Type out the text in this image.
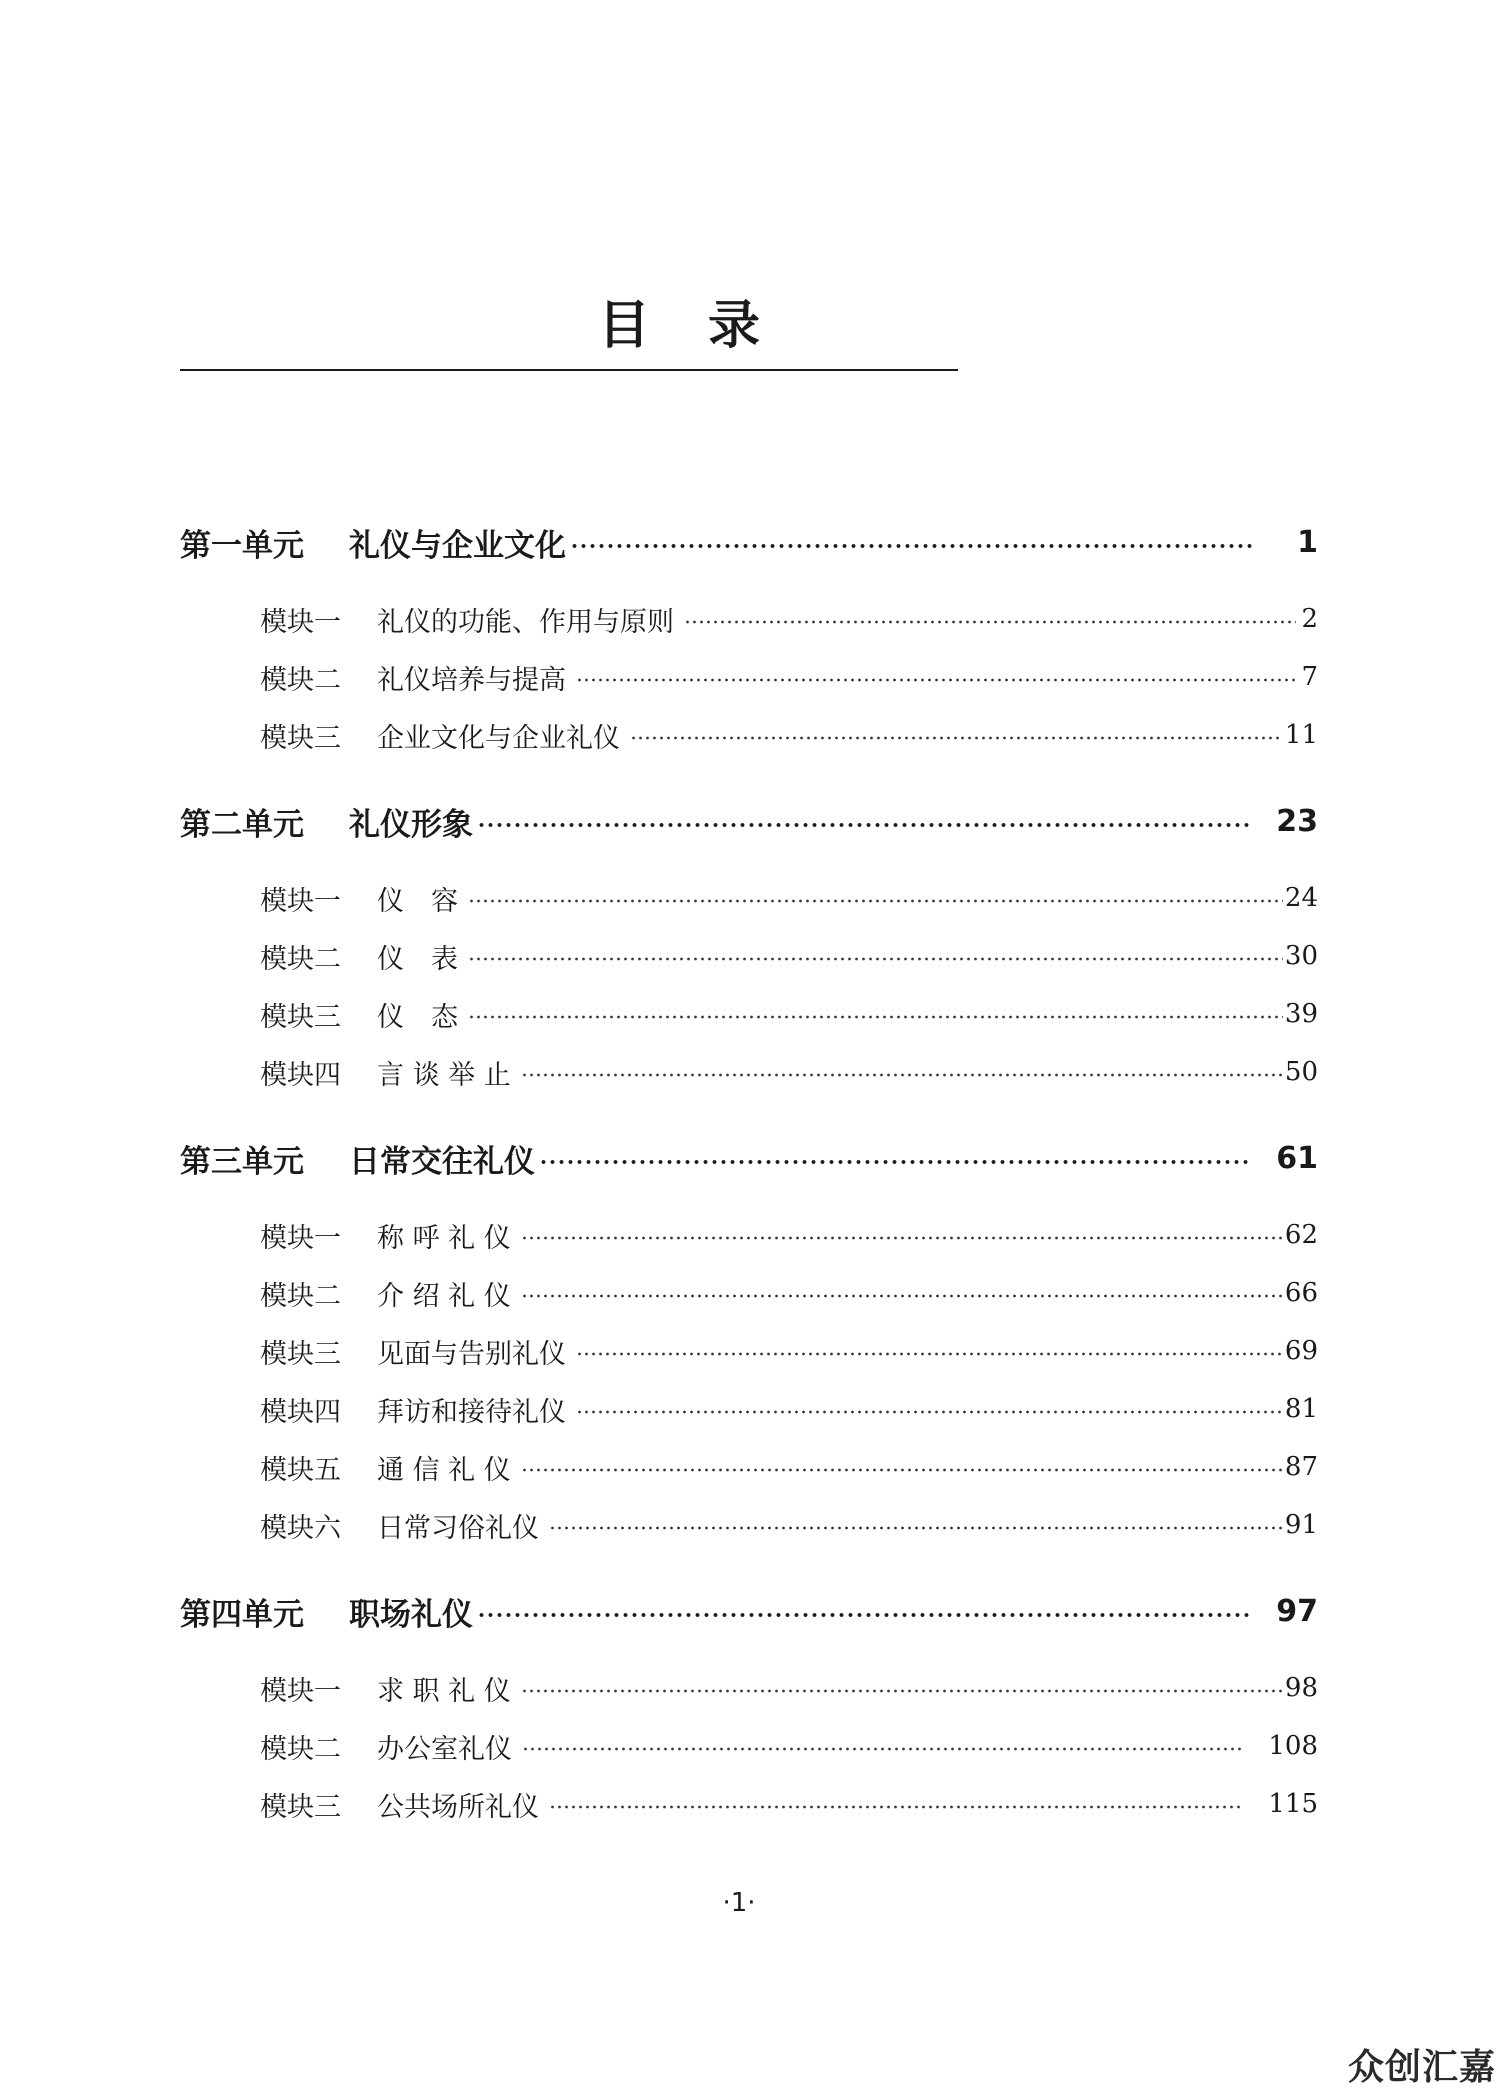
目 录
第一单元	礼仪与企业文化	1
模块一	礼仪的功能、作用与原则	2
模块二	礼仪培养与提高	7
模块三	企业文化与企业礼仪	11
第二单元	礼仪形象	23
模块一	仪　容	24
模块二	仪　表	30
模块三	仪　态	39
模块四	言 谈 举 止	50
第三单元	日常交往礼仪	61
模块一	称 呼 礼 仪	62
模块二	介 绍 礼 仪	66
模块三	见面与告别礼仪	69
模块四	拜访和接待礼仪	81
模块五	通 信 礼 仪	87
模块六	日常习俗礼仪	91
第四单元	职场礼仪	97
模块一	求 职 礼 仪	98
模块二	办公室礼仪	108
模块三	公共场所礼仪	115
·1·
众创汇嘉
